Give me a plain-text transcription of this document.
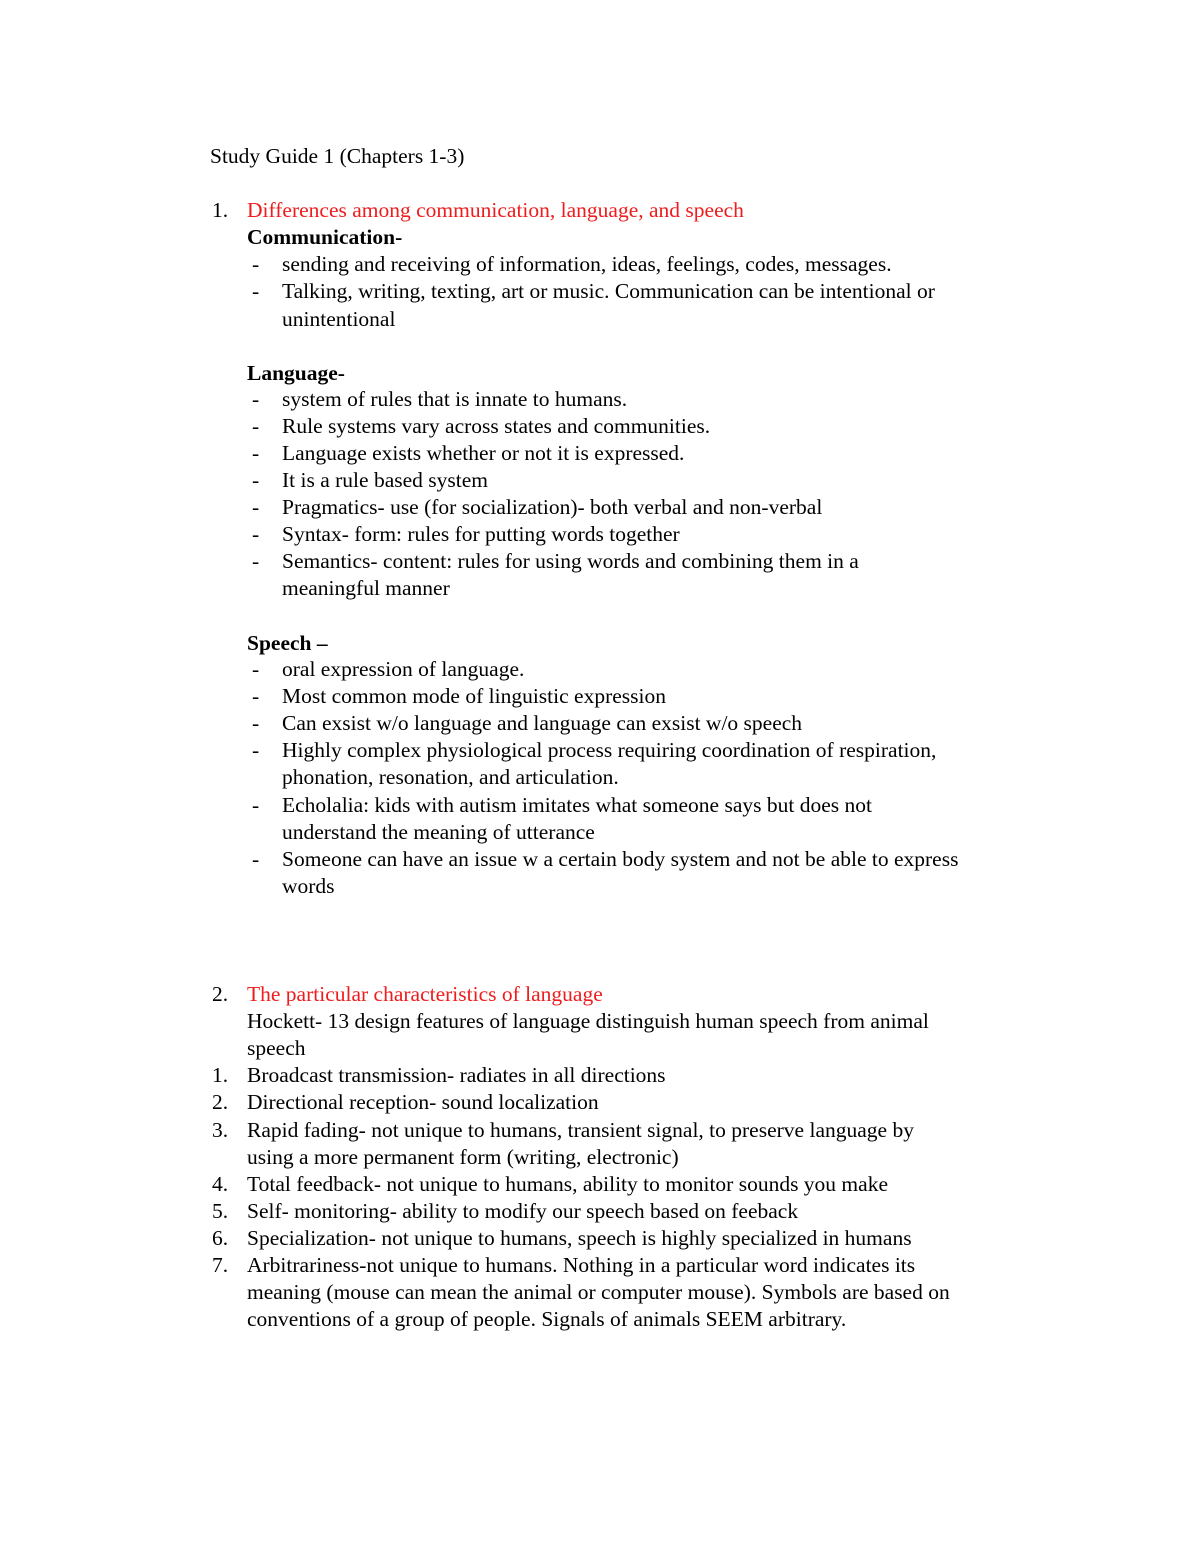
Study Guide 1 (Chapters 1-3)
1. Differences among communication, language, and speech
Communication-
- sending and receiving of information, ideas, feelings, codes, messages.
- Talking, writing, texting, art or music. Communication can be intentional or
unintentional
Language-
- system of rules that is innate to humans.
- Rule systems vary across states and communities.
- Language exists whether or not it is expressed.
- It is a rule based system
- Pragmatics- use (for socialization)- both verbal and non-verbal
- Syntax- form: rules for putting words together
- Semantics- content: rules for using words and combining them in a
meaningful manner
Speech –
- oral expression of language.
- Most common mode of linguistic expression
- Can exsist w/o language and language can exsist w/o speech
- Highly complex physiological process requiring coordination of respiration,
phonation, resonation, and articulation.
- Echolalia: kids with autism imitates what someone says but does not
understand the meaning of utterance
- Someone can have an issue w a certain body system and not be able to express
words
2. The particular characteristics of language
Hockett- 13 design features of language distinguish human speech from animal
speech
1. Broadcast transmission- radiates in all directions
2. Directional reception- sound localization
3. Rapid fading- not unique to humans, transient signal, to preserve language by
using a more permanent form (writing, electronic)
4. Total feedback- not unique to humans, ability to monitor sounds you make
5. Self- monitoring- ability to modify our speech based on feeback
6. Specialization- not unique to humans, speech is highly specialized in humans
7. Arbitrariness-not unique to humans. Nothing in a particular word indicates its
meaning (mouse can mean the animal or computer mouse). Symbols are based on
conventions of a group of people. Signals of animals SEEM arbitrary.
